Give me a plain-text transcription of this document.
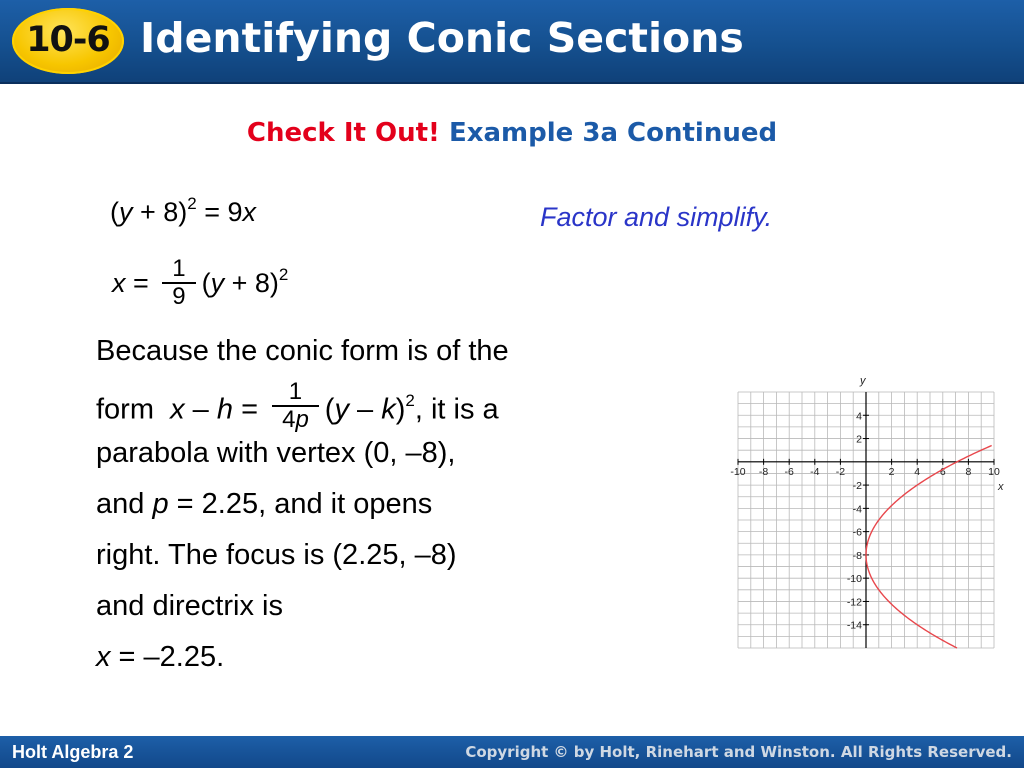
10-6 Identifying Conic Sections
Check It Out! Example 3a Continued
$(y + 8)^2 = 9x$
$x = \frac{1}{9} (y + 8)^2$
Factor and simplify.
Because the conic form is of the
form $x - h = \frac{1}{4p} (y - k)^2$, it is a
parabola with vertex (0, –8),
and p = 2.25, and it opens
right. The focus is (2.25, –8)
and directrix is
x = –2.25.
-10 -8 -6 -4 -2	2 4 6 8 10
4
2
-2
-4
-6
-8
-10
-12
-14
x
y
Holt Algebra 2	Copyright © by Holt, Rinehart and Winston. All Rights Reserved.
